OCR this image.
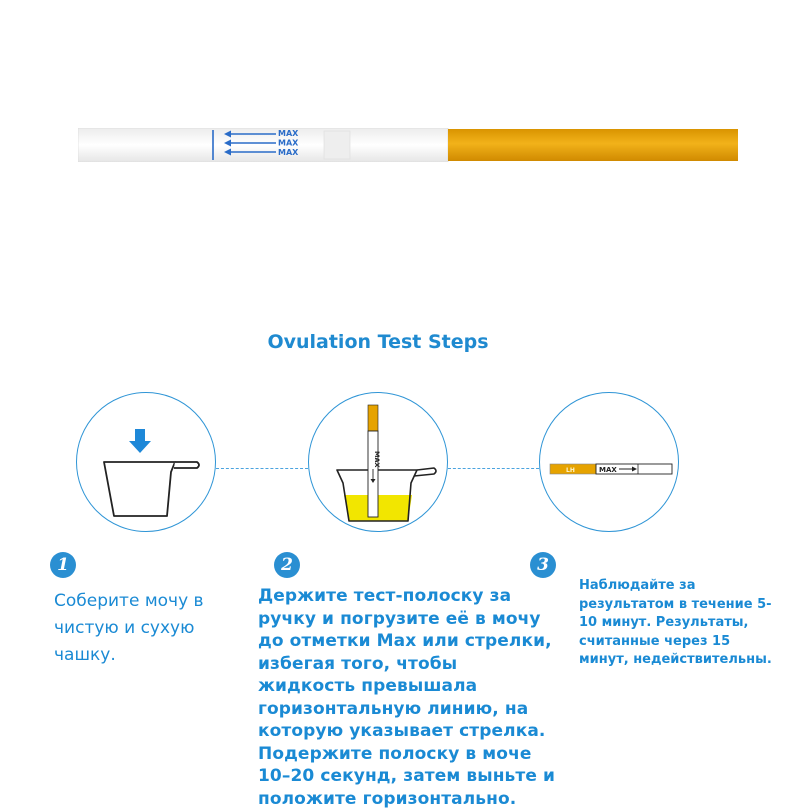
MAX
MAX
MAX
Ovulation Test Steps
MAX
LH	MAX
1	2	3
Соберите мочу в чистую и сухую чашку.
Держите тест-полоску за ручку и погрузите её в мочу до отметки Max или стрелки, избегая того, чтобы жидкость превышала горизонтальную линию, на которую указывает стрелка. Подержите полоску в моче 10–20 секунд, затем выньте и положите горизонтально.
Наблюдайте за результатом в течение 5-10 минут. Результаты, считанные через 15 минут, недействительны.
